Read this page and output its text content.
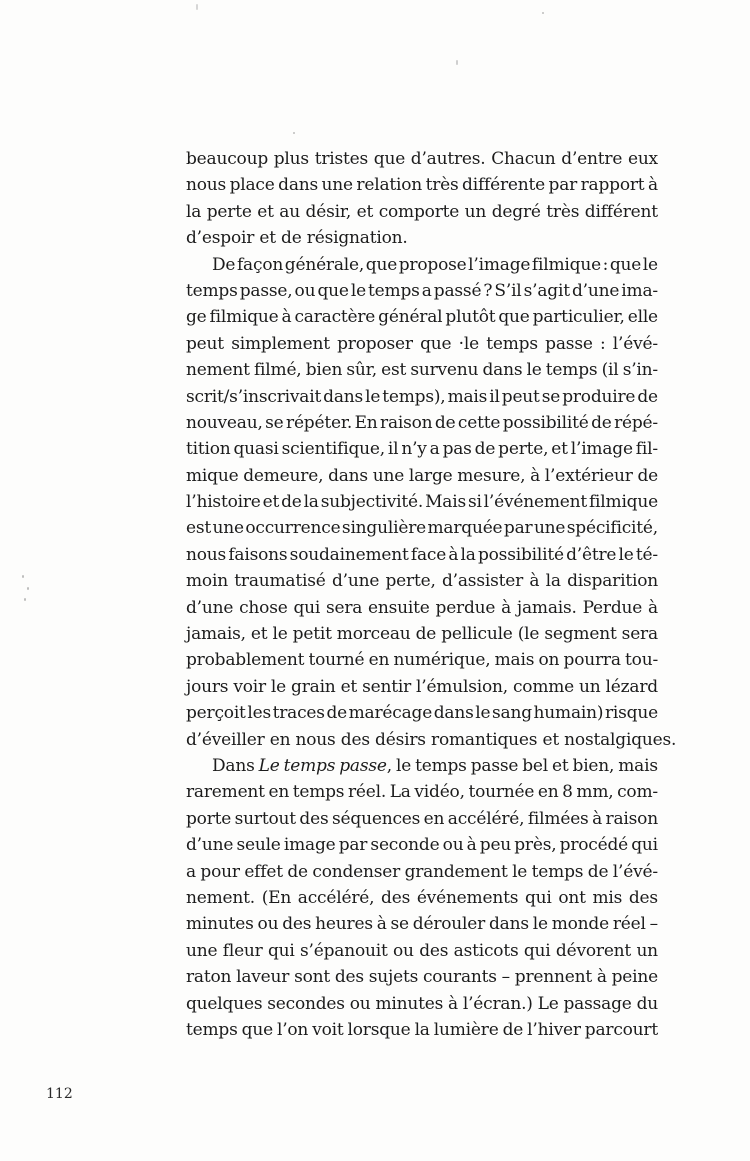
beaucoup plus tristes que d’autres. Chacun d’entre eux
nous place dans une relation très différente par rapport à
la perte et au désir, et comporte un degré très différent
d’espoir et de résignation.
De façon générale, que propose l’image filmique : que le
temps passe, ou que le temps a passé ? S’il s’agit d’une ima-
ge filmique à caractère général plutôt que particulier, elle
peut simplement proposer que ·le temps passe : l’évé-
nement filmé, bien sûr, est survenu dans le temps (il s’in-
scrit/s’inscrivait dans le temps), mais il peut se produire de
nouveau, se répéter. En raison de cette possibilité de répé-
tition quasi scientifique, il n’y a pas de perte, et l’image fil-
mique demeure, dans une large mesure, à l’extérieur de
l’histoire et de la subjectivité. Mais si l’événement filmique
est une occurrence singulière marquée par une spécificité,
nous faisons soudainement face à la possibilité d’être le té-
moin traumatisé d’une perte, d’assister à la disparition
d’une chose qui sera ensuite perdue à jamais. Perdue à
jamais, et le petit morceau de pellicule (le segment sera
probablement tourné en numérique, mais on pourra tou-
jours voir le grain et sentir l’émulsion, comme un lézard
perçoit les traces de marécage dans le sang humain) risque
d’éveiller en nous des désirs romantiques et nostalgiques.
Dans Le temps passe, le temps passe bel et bien, mais
rarement en temps réel. La vidéo, tournée en 8 mm, com-
porte surtout des séquences en accéléré, filmées à raison
d’une seule image par seconde ou à peu près, procédé qui
a pour effet de condenser grandement le temps de l’évé-
nement. (En accéléré, des événements qui ont mis des
minutes ou des heures à se dérouler dans le monde réel –
une fleur qui s’épanouit ou des asticots qui dévorent un
raton laveur sont des sujets courants – prennent à peine
quelques secondes ou minutes à l’écran.) Le passage du
temps que l’on voit lorsque la lumière de l’hiver parcourt
112
